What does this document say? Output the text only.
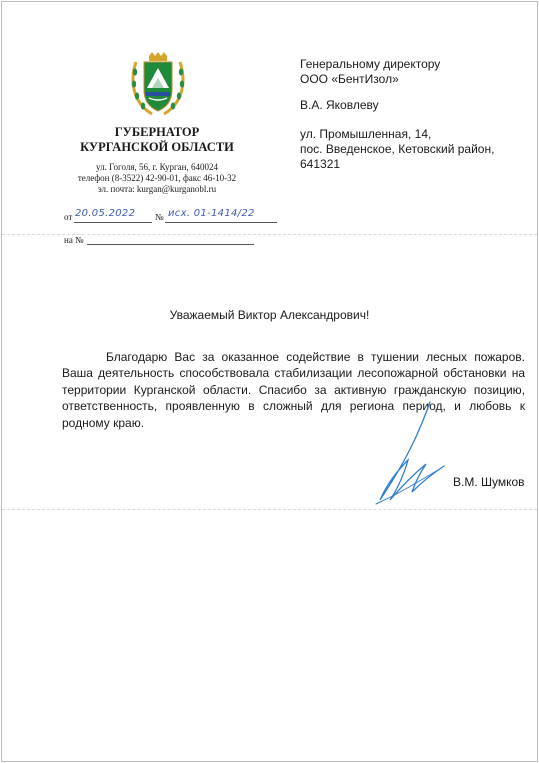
ГУБЕРНАТОР
КУРГАНСКОЙ ОБЛАСТИ
ул. Гоголя, 56, г. Курган, 640024
телефон (8-3522) 42-90-01, факс 46-10-32
эл. почта: kurgan@kurganobl.ru
Генеральному директору
ООО «БентИзол»
В.А. Яковлеву
ул. Промышленная, 14,
пос. Введенское, Кетовский район,
641321
от 20.05.2022 № исх. 01-1414/22
на №
Уважаемый Виктор Александрович!

Благодарю Вас за оказанное содействие в тушении лесных пожаров. Ваша деятельность способствовала стабилизации лесопожарной обстановки на территории Курганской области. Спасибо за активную гражданскую позицию, ответственность, проявленную в сложный для региона период, и любовь к родному краю.

В.М. Шумков
